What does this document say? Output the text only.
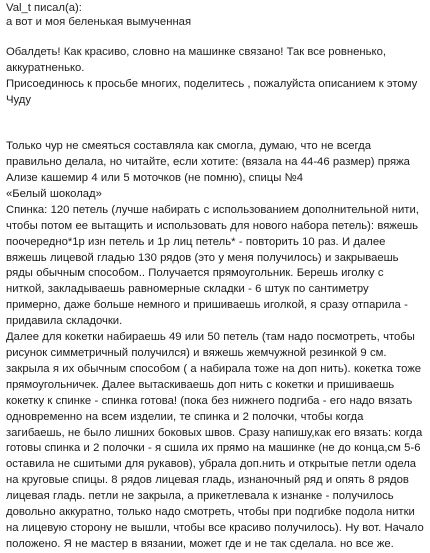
Val_t писал(а):
а вот и моя беленькая вымученная

Обалдеть! Как красиво, словно на машинке связано! Так все ровненько, аккуратненько.

Присоединюсь к просьбе многих, поделитесь , пожалуйста описанием к этому Чуду

Только чур не смеяться составляла как смогла, думаю, что не всегда правильно делала, но читайте, если хотите: (вязала на 44-46 размер) пряжа Ализе кашемир 4 или 5 моточков (не помню), спицы №4

«Белый шоколад»

Спинка: 120 петель (лучше набирать с использованием дополнительной нити, чтобы потом ее вытащить и использовать для нового набора петель): вяжешь поочередно*1р изн петель и 1р лиц петель* - повторить 10 раз. И далее вяжешь лицевой гладью 130 рядов (это у меня получилось) и закрываешь ряды обычным способом.. Получается прямоугольник. Берешь иголку с ниткой, закладываешь равномерные складки - 6 штук по сантиметру примерно, даже больше немного и пришиваешь иголкой, я сразу отпарила - придавила складочки.

Далее для кокетки набираешь 49 или 50 петель (там надо посмотреть, чтобы рисунок симметричный получился) и вяжешь жемчужной резинкой 9 см. закрыла я их обычным способом ( а набирала тоже на доп нить). кокетка тоже прямоугольничек. Далее вытаскиваешь доп нить с кокетки и пришиваешь кокетку к спинке - спинка готова! (пока без нижнего подгиба - его надо вязать одновременно на всем изделии, те спинка и 2 полочки, чтобы когда загибаешь, не было лишних боковых швов. Сразу напишу,как его вязать: когда готовы спинка и 2 полочки - я сшила их прямо на машинке (не до конца,см 5-6 оставила не сшитыми для рукавов), убрала доп.нить и открытые петли одела на круговые спицы. 8 рядов лицевая гладь, изнаночный ряд и опять 8 рядов лицевая гладь. петли не закрыла, а прикетлевала к изнанке - получилось довольно аккуратно, только надо смотреть, чтобы при подгибке подола нитки на лицевую сторону не вышли, чтобы все красиво получилось). Ну вот. Начало положено. Я не мастер в вязании, может где и не так сделала. но все же.
